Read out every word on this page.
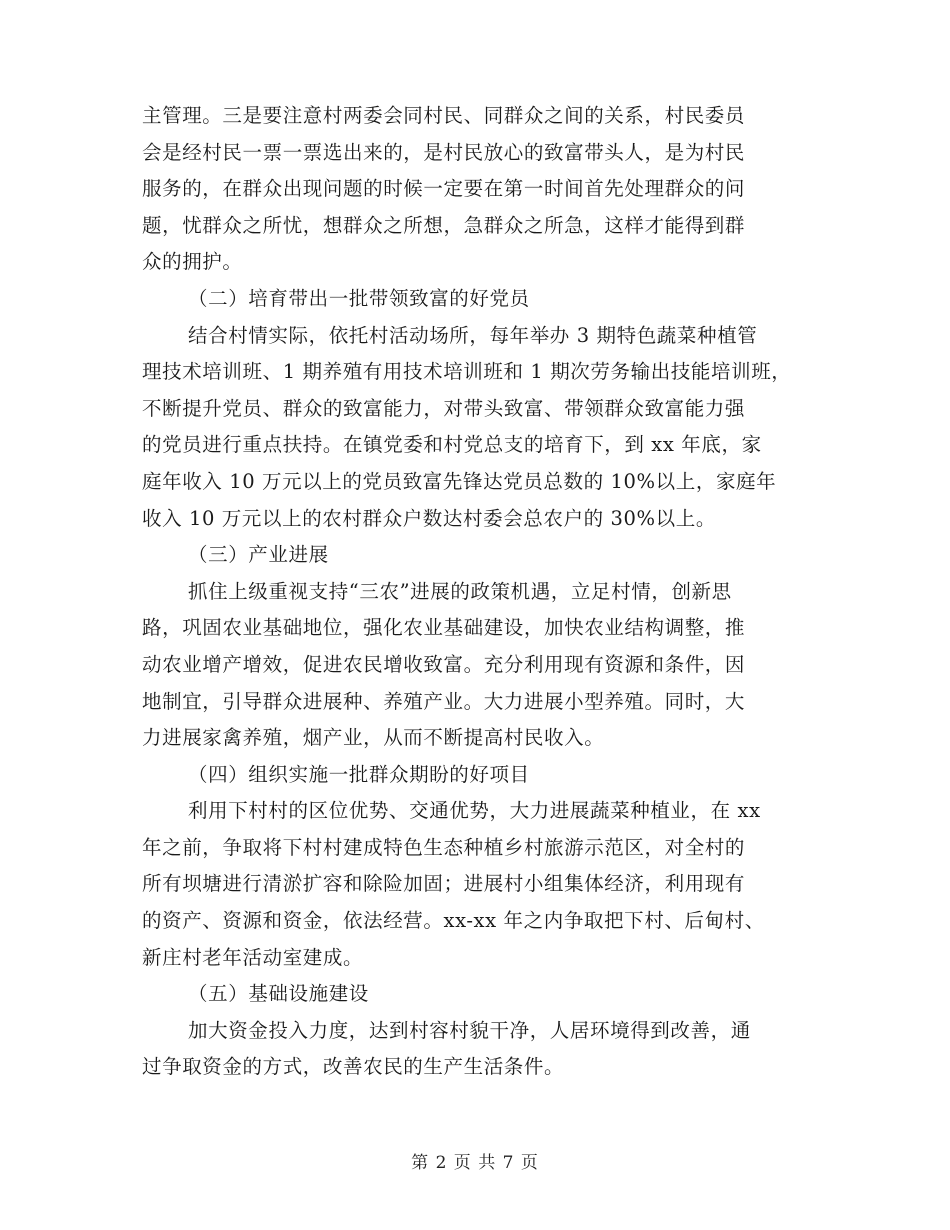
主管理。三是要注意村两委会同村民、同群众之间的关系，村民委员
会是经村民一票一票选出来的，是村民放心的致富带头人，是为村民
服务的，在群众出现问题的时候一定要在第一时间首先处理群众的问
题，忧群众之所忧，想群众之所想，急群众之所急，这样才能得到群
众的拥护。
（二）培育带出一批带领致富的好党员
结合村情实际，依托村活动场所，每年举办 3 期特色蔬菜种植管
理技术培训班、1 期养殖有用技术培训班和 1 期次劳务输出技能培训班，
不断提升党员、群众的致富能力，对带头致富、带领群众致富能力强
的党员进行重点扶持。在镇党委和村党总支的培育下，到 xx 年底，家
庭年收入 10 万元以上的党员致富先锋达党员总数的 10%以上，家庭年
收入 10 万元以上的农村群众户数达村委会总农户的 30%以上。
（三）产业进展
抓住上级重视支持“三农”进展的政策机遇，立足村情，创新思
路，巩固农业基础地位，强化农业基础建设，加快农业结构调整，推
动农业增产增效，促进农民增收致富。充分利用现有资源和条件，因
地制宜，引导群众进展种、养殖产业。大力进展小型养殖。同时，大
力进展家禽养殖，烟产业，从而不断提高村民收入。
（四）组织实施一批群众期盼的好项目
利用下村村的区位优势、交通优势，大力进展蔬菜种植业，在 xx
年之前，争取将下村村建成特色生态种植乡村旅游示范区，对全村的
所有坝塘进行清淤扩容和除险加固；进展村小组集体经济，利用现有
的资产、资源和资金，依法经营。xx-xx 年之内争取把下村、后甸村、
新庄村老年活动室建成。
（五）基础设施建设
加大资金投入力度，达到村容村貌干净，人居环境得到改善，通
过争取资金的方式，改善农民的生产生活条件。
第 2 页 共 7 页
